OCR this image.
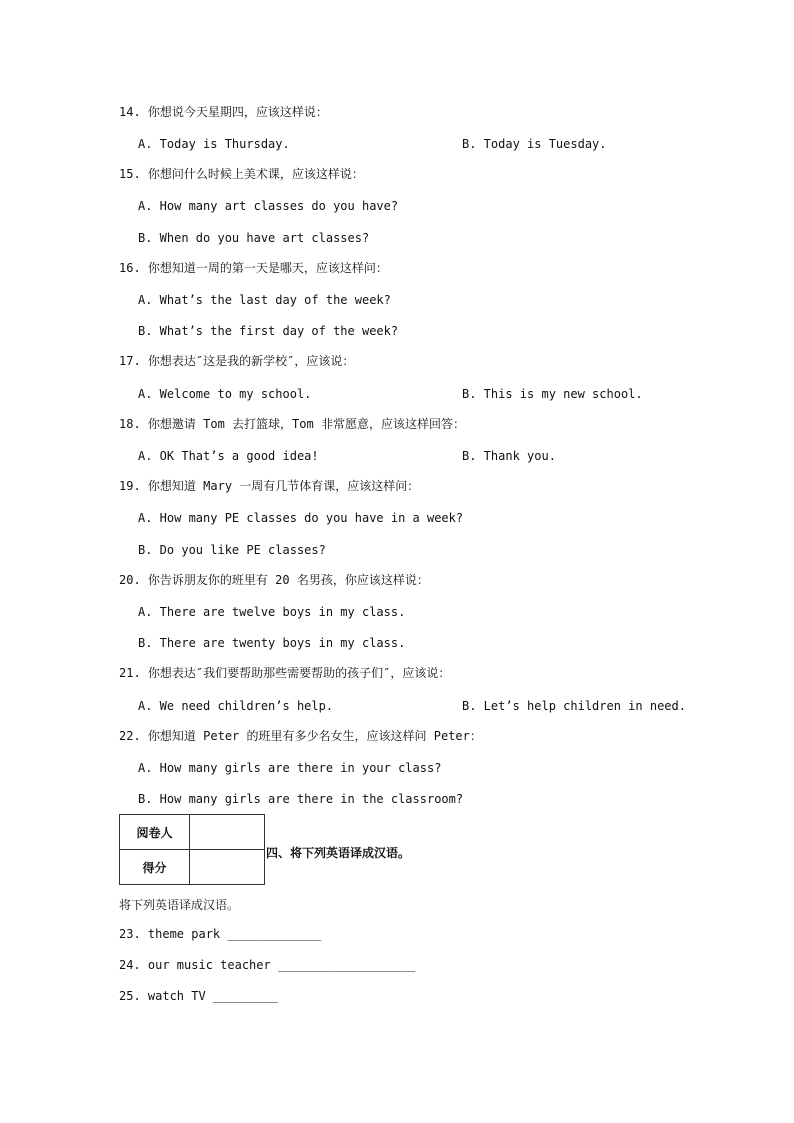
14. 你想说今天星期四，应该这样说：
A. Today is Thursday.	B. Today is Tuesday.
15. 你想问什么时候上美术课，应该这样说：
A. How many art classes do you have?
B. When do you have art classes?
16. 你想知道一周的第一天是哪天，应该这样问：
A. What’s the last day of the week?
B. What’s the first day of the week?
17. 你想表达″这是我的新学校″，应该说：
A. Welcome to my school.	B. This is my new school.
18. 你想邀请 Tom 去打篮球，Tom 非常愿意，应该这样回答：
A. OK That’s a good idea!	B. Thank you.
19. 你想知道 Mary 一周有几节体育课，应该这样问：
A. How many PE classes do you have in a week?
B. Do you like PE classes?
20. 你告诉朋友你的班里有 20 名男孩，你应该这样说：
A. There are twelve boys in my class.
B. There are twenty boys in my class.
21. 你想表达″我们要帮助那些需要帮助的孩子们″，应该说：
A. We need children’s help.	B. Let’s help children in need.
22. 你想知道 Peter 的班里有多少名女生，应该这样问 Peter：
A. How many girls are there in your class?
B. How many girls are there in the classroom?
阅卷人	
得分	
四、将下列英语译成汉语。
将下列英语译成汉语。
23. theme park _____________
24. our music teacher ___________________
25. watch TV _________
